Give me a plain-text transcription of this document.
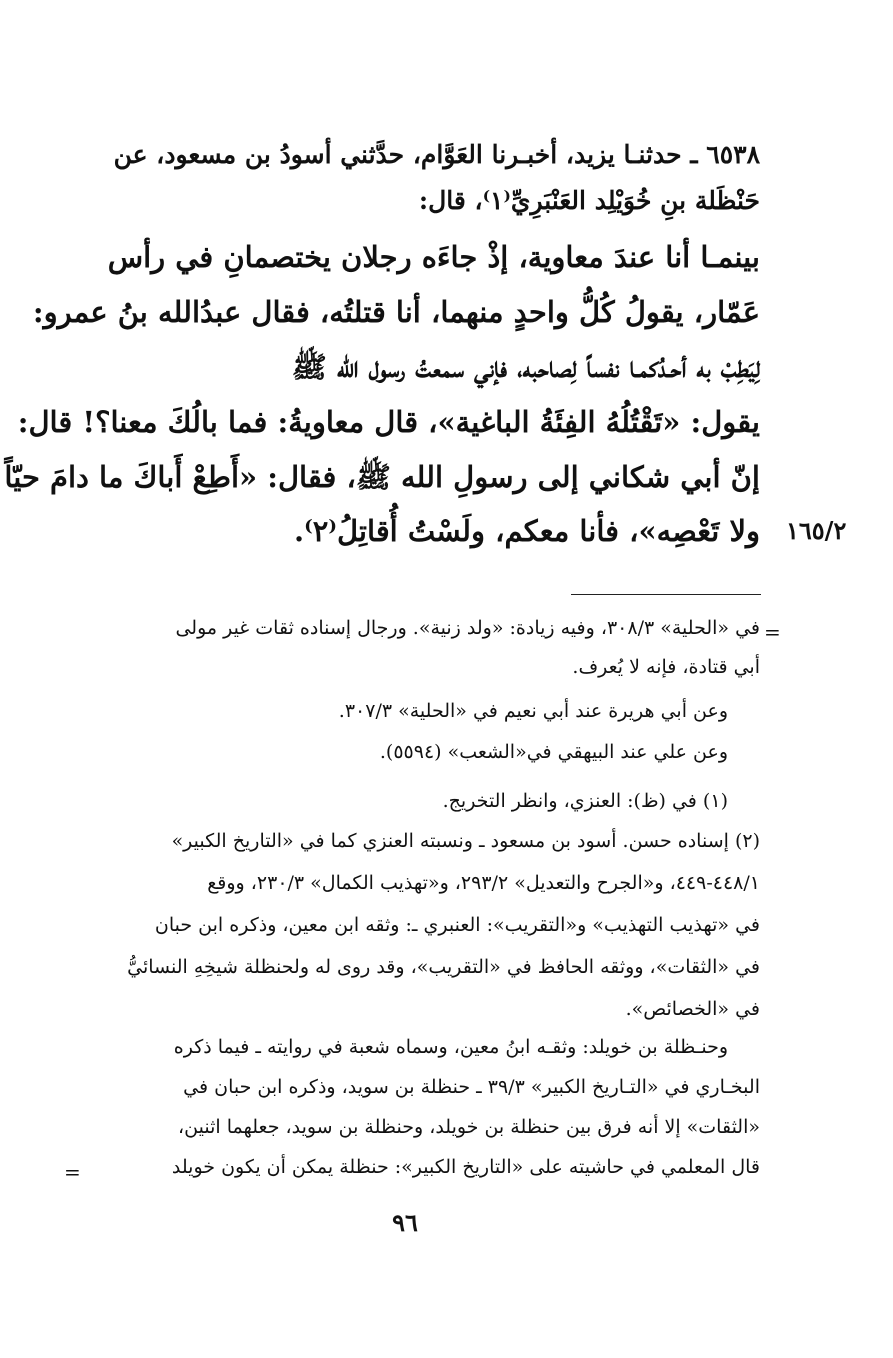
٦٥٣٨ ـ حدثنـا يزيد، أخبـرنا العَوَّام، حدَّثني أسودُ بن مسعود، عن
حَنْظَلة بنِ خُوَيْلِد العَنْبَرِيِّ⁽١⁾، قال:
بينمـا أنا عندَ معاوية، إذْ جاءَه رجلان يختصمانِ في رأس
عَمّار، يقولُ كُلُّ واحدٍ منهما، أنا قتلتُه، فقال عبدُالله بنُ عمرو:
لِيَطِبْ به أحـدُكمـا نفساً لِصاحبه، فإني سمعتُ رسول الله ﷺ
يقول: «تَقْتُلُهُ الفِئَةُ الباغية»، قال معاويةُ: فما بالُكَ معنا؟! قال:
إنّ أبي شكاني إلى رسولِ الله ﷺ، فقال: «أَطِعْ أَباكَ ما دامَ حيّاً
ولا تَعْصِه»، فأنا معكم، ولَسْتُ أُقاتِلُ⁽٢⁾. ١٦٥/٢
=
في «الحلية» ٣٠٨/٣، وفيه زيادة: «ولد زنية». ورجال إسناده ثقات غير مولى
أبي قتادة، فإنه لا يُعرف.
وعن أبي هريرة عند أبي نعيم في «الحلية» ٣٠٧/٣.
وعن علي عند البيهقي في«الشعب» (٥٥٩٤).
(١) في (ظ): العنزي، وانظر التخريج.
(٢) إسناده حسن. أسود بن مسعود ـ ونسبته العنزي كما في «التاريخ الكبير»
٤٤٨/١-٤٤٩، و«الجرح والتعديل» ٢٩٣/٢، و«تهذيب الكمال» ٢٣٠/٣، ووقع
في «تهذيب التهذيب» و«التقريب»: العنبري ـ: وثقه ابن معين، وذكره ابن حبان
في «الثقات»، ووثقه الحافظ في «التقريب»، وقد روى له ولحنظلة شيخِهِ النسائيُّ
في «الخصائص».
وحنـظلة بن خويلد: وثقـه ابنُ معين، وسماه شعبة في روايته ـ فيما ذكره
البخـاري في «التـاريخ الكبير» ٣٩/٣ ـ حنظلة بن سويد، وذكره ابن حبان في
«الثقات» إلا أنه فرق بين حنظلة بن خويلد، وحنظلة بن سويد، جعلهما اثنين،
قال المعلمي في حاشيته على «التاريخ الكبير»: حنظلة يمكن أن يكون خويلد
=
٩٦
